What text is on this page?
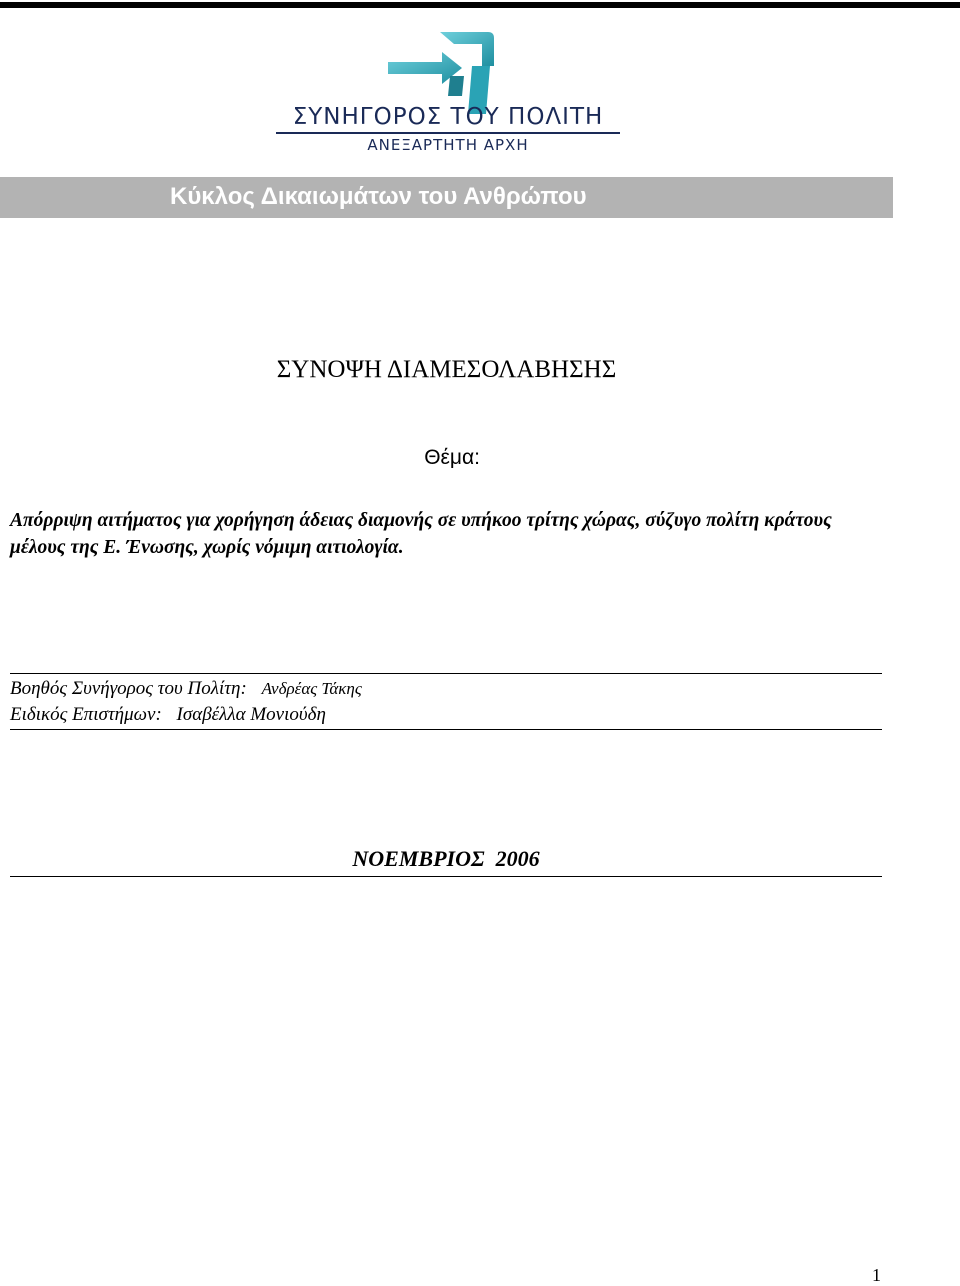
ΣΥΝΗΓΟΡΟΣ ΤΟΥ ΠΟΛΙΤΗ
ΑΝΕΞΑΡΤΗΤΗ ΑΡΧΗ
Κύκλος Δικαιωμάτων του Ανθρώπου
ΣΥΝΟΨΗ ΔΙΑΜΕΣΟΛΑΒΗΣΗΣ
Θέμα:
Απόρριψη αιτήματος για χορήγηση άδειας διαμονής σε υπήκοο τρίτης χώρας, σύζυγο πολίτη κράτους μέλους της Ε. Ένωσης, χωρίς νόμιμη αιτιολογία.
Βοηθός Συνήγορος του Πολίτη: Ανδρέας Τάκης
Ειδικός Επιστήμων: Ισαβέλλα Μονιούδη
ΝΟΕΜΒΡΙΟΣ  2006
1
